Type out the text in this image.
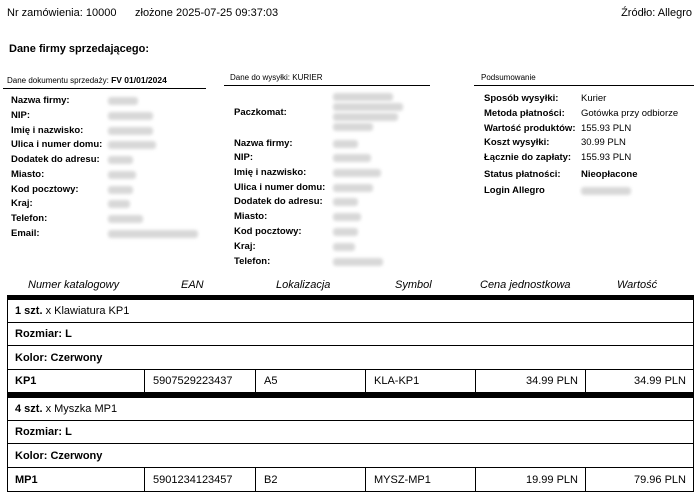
Nr zamówienia: 10000 złożone 2025-07-25 09:37:03	Źródło: Allegro
Dane firmy sprzedającego:
Dane dokumentu sprzedaży: FV 01/01/2024	Dane do wysyłki: KURIER	Podsumowanie
Nazwa firmy:
NIP:
Imię i nazwisko:
Ulica i numer domu:
Dodatek do adresu:
Miasto:
Kod pocztowy:
Kraj:
Telefon:
Email:
Paczkomat:
Nazwa firmy:
NIP:
Imię i nazwisko:
Ulica i numer domu:
Dodatek do adresu:
Miasto:
Kod pocztowy:
Kraj:
Telefon:
Sposób wysyłki: Kurier
Metoda płatności: Gotówka przy odbiorze
Wartość produktów: 155.93 PLN
Koszt wysyłki:	30.99 PLN
Łącznie do zapłaty: 155.93 PLN
Status płatności: Nieopłacone
Login Allegro
Numer katalogowy	EAN	Lokalizacja	Symbol	Cena jednostkowa	Wartość
1 szt. x Klawiatura KP1
Rozmiar: L
Kolor: Czerwony
KP1	5907529223437	A5	KLA-KP1	34.99 PLN	34.99 PLN
4 szt. x Myszka MP1
Rozmiar: L
Kolor: Czerwony
MP1	5901234123457	B2	MYSZ-MP1	19.99 PLN	79.96 PLN
